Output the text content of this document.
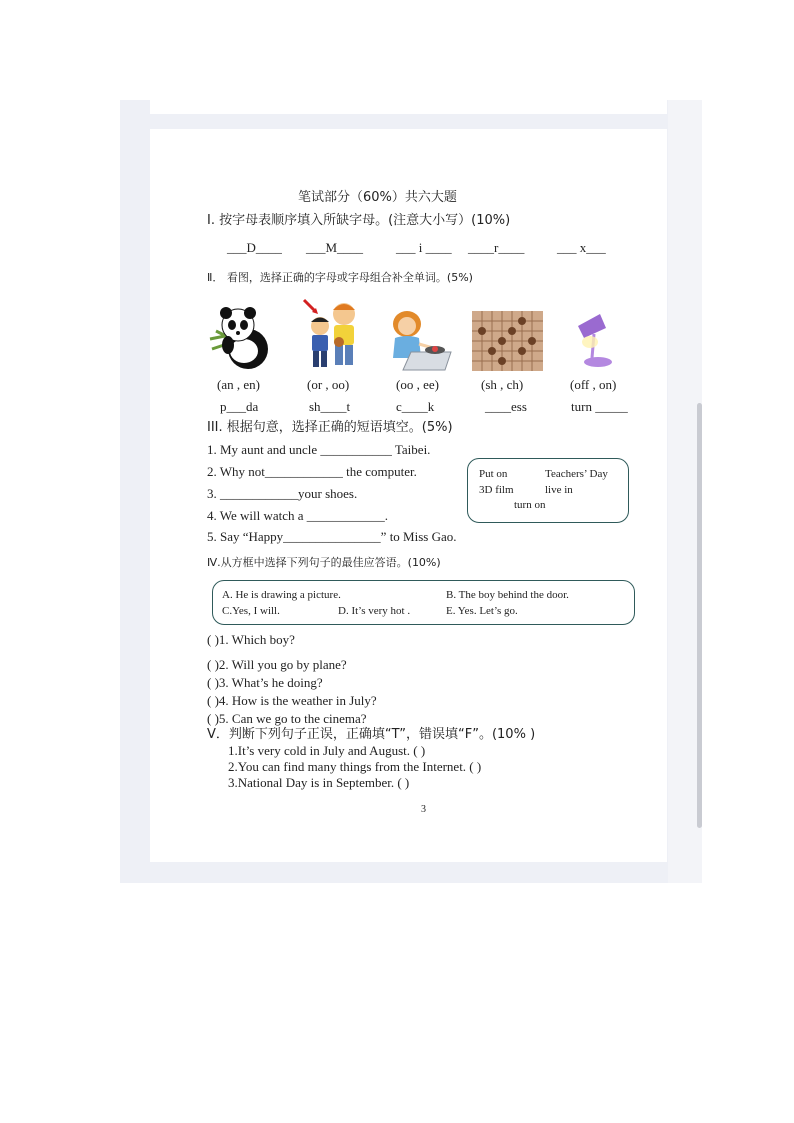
笔试部分（60%）共六大题
I. 按字母表顺序填入所缺字母。(注意大小写）(10%)
___D____ ___M____	___ i ____ ____r____	___ x___
Ⅱ． 看图，选择正确的字母或字母组合补全单词。(5%)
(an , en)	(or , oo)	(oo , ee)	(sh , ch)	(off , on)
p___da	sh____t	c____k	____ess	turn _____
III. 根据句意，选择正确的短语填空。(5%)
1. My aunt and uncle ___________ Taibei.
2. Why not____________ the computer.
3. ____________your shoes.
4. We will watch a ____________.
5. Say “Happy_______________” to Miss Gao.
Put on	Teachers’ Day
3D film	live in
turn on
Ⅳ.从方框中选择下列句子的最佳应答语。(10%)
A. He is drawing a picture.	B. The boy behind the door.
C.Yes, I will.	D. It’s very hot .	E. Yes. Let’s go.
( )1. Which boy?
( )2. Will you go by plane?
( )3. What’s he doing?
( )4. How is the weather in July?
( )5. Can we go to the cinema?
Ⅴ．判断下列句子正误，正确填“T”，错误填“F”。(10% )
1.It’s very cold in July and August. ( )
2.You can find many things from the Internet. ( )
3.National Day is in September. ( )
3
